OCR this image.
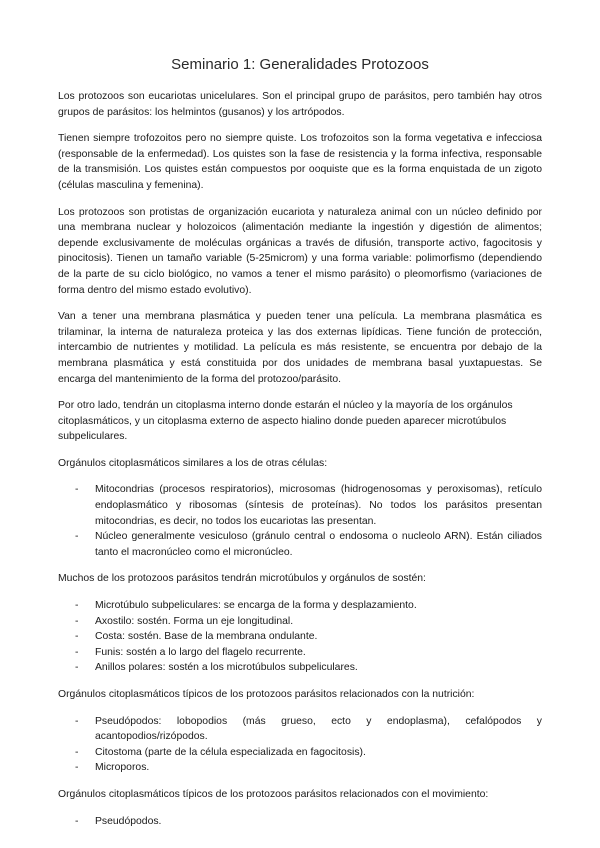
Seminario 1: Generalidades Protozoos

Los protozoos son eucariotas unicelulares. Son el principal grupo de parásitos, pero también hay otros grupos de parásitos: los helmintos (gusanos) y los artrópodos.

Tienen siempre trofozoitos pero no siempre quiste. Los trofozoitos son la forma vegetativa e infecciosa (responsable de la enfermedad). Los quistes son la fase de resistencia y la forma infectiva, responsable de la transmisión. Los quistes están compuestos por ooquiste que es la forma enquistada de un zigoto (células masculina y femenina).

Los protozoos son protistas de organización eucariota y naturaleza animal con un núcleo definido por una membrana nuclear y holozoicos (alimentación mediante la ingestión y digestión de alimentos; depende exclusivamente de moléculas orgánicas a través de difusión, transporte activo, fagocitosis y pinocitosis). Tienen un tamaño variable (5-25microm) y una forma variable: polimorfismo (dependiendo de la parte de su ciclo biológico, no vamos a tener el mismo parásito) o pleomorfismo (variaciones de forma dentro del mismo estado evolutivo).

Van a tener una membrana plasmática y pueden tener una película. La membrana plasmática es trilaminar, la interna de naturaleza proteica y las dos externas lipídicas. Tiene función de protección, intercambio de nutrientes y motilidad. La película es más resistente, se encuentra por debajo de la membrana plasmática y está constituida por dos unidades de membrana basal yuxtapuestas. Se encarga del mantenimiento de la forma del protozoo/parásito.

Por otro lado, tendrán un citoplasma interno donde estarán el núcleo y la mayoría de los orgánulos citoplasmáticos, y un citoplasma externo de aspecto hialino donde pueden aparecer microtúbulos subpeliculares.

Orgánulos citoplasmáticos similares a los de otras células:

- Mitocondrias (procesos respiratorios), microsomas (hidrogenosomas y peroxisomas), retículo endoplasmático y ribosomas (síntesis de proteínas). No todos los parásitos presentan mitocondrias, es decir, no todos los eucariotas las presentan.
- Núcleo generalmente vesiculoso (gránulo central o endosoma o nucleolo ARN). Están ciliados tanto el macronúcleo como el micronúcleo.

Muchos de los protozoos parásitos tendrán microtúbulos y orgánulos de sostén:

- Microtúbulo subpeliculares: se encarga de la forma y desplazamiento.
- Axostilo: sostén. Forma un eje longitudinal.
- Costa: sostén. Base de la membrana ondulante.
- Funis: sostén a lo largo del flagelo recurrente.
- Anillos polares: sostén a los microtúbulos subpeliculares.

Orgánulos citoplasmáticos típicos de los protozoos parásitos relacionados con la nutrición:

- Pseudópodos: lobopodios (más grueso, ecto y endoplasma), cefalópodos y acantopodios/rizópodos.
- Citostoma (parte de la célula especializada en fagocitosis).
- Microporos.

Orgánulos citoplasmáticos típicos de los protozoos parásitos relacionados con el movimiento:

- Pseudópodos.
